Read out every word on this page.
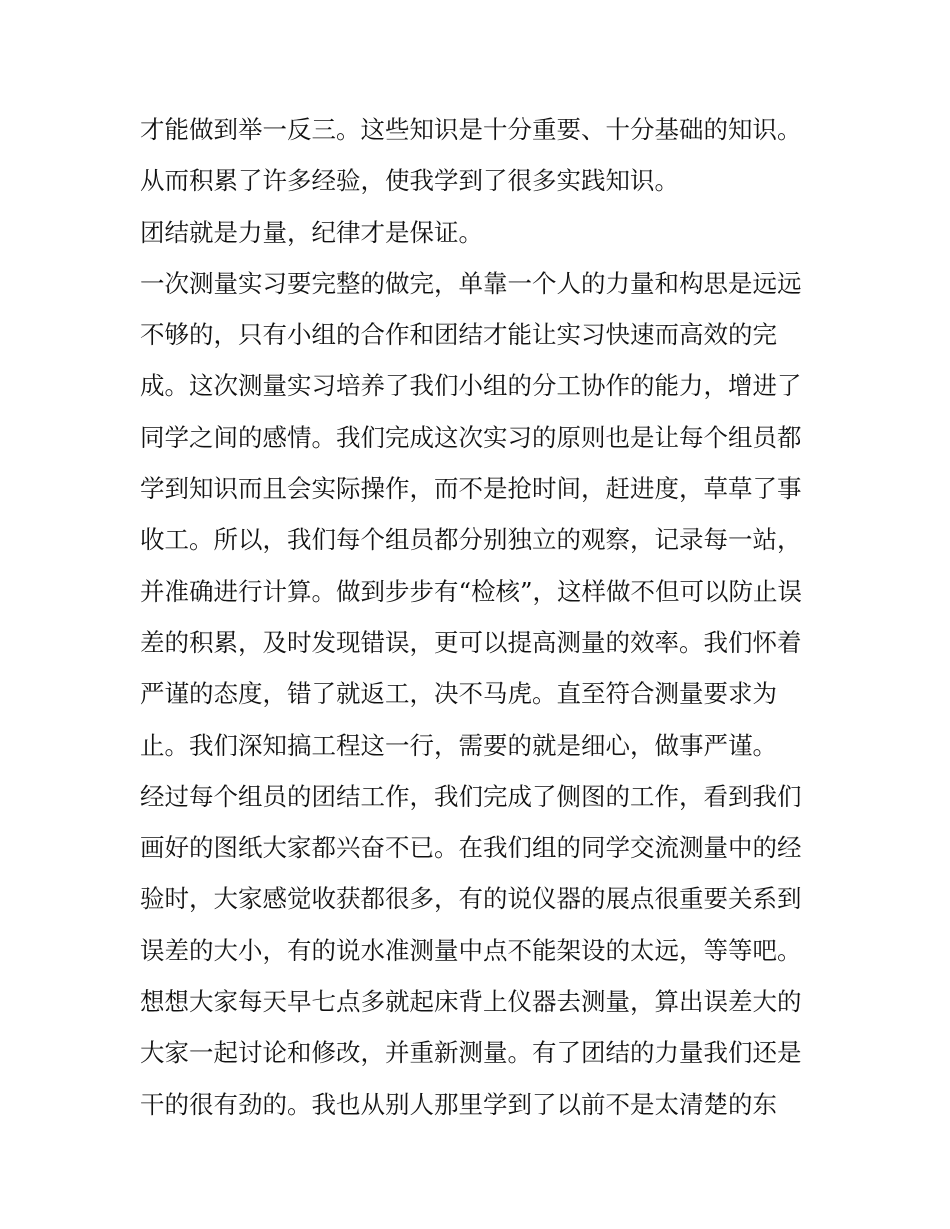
才能做到举一反三。这些知识是十分重要、十分基础的知识。
从而积累了许多经验，使我学到了很多实践知识。
团结就是力量，纪律才是保证。
一次测量实习要完整的做完，单靠一个人的力量和构思是远远
不够的，只有小组的合作和团结才能让实习快速而高效的完
成。这次测量实习培养了我们小组的分工协作的能力，增进了
同学之间的感情。我们完成这次实习的原则也是让每个组员都
学到知识而且会实际操作，而不是抢时间，赶进度，草草了事
收工。所以，我们每个组员都分别独立的观察，记录每一站，
并准确进行计算。做到步步有“检核”，这样做不但可以防止误
差的积累，及时发现错误，更可以提高测量的效率。我们怀着
严谨的态度，错了就返工，决不马虎。直至符合测量要求为
止。我们深知搞工程这一行，需要的就是细心，做事严谨。
经过每个组员的团结工作，我们完成了侧图的工作，看到我们
画好的图纸大家都兴奋不已。在我们组的同学交流测量中的经
验时，大家感觉收获都很多，有的说仪器的展点很重要关系到
误差的大小，有的说水准测量中点不能架设的太远，等等吧。
想想大家每天早七点多就起床背上仪器去测量，算出误差大的
大家一起讨论和修改，并重新测量。有了团结的力量我们还是
干的很有劲的。我也从别人那里学到了以前不是太清楚的东
